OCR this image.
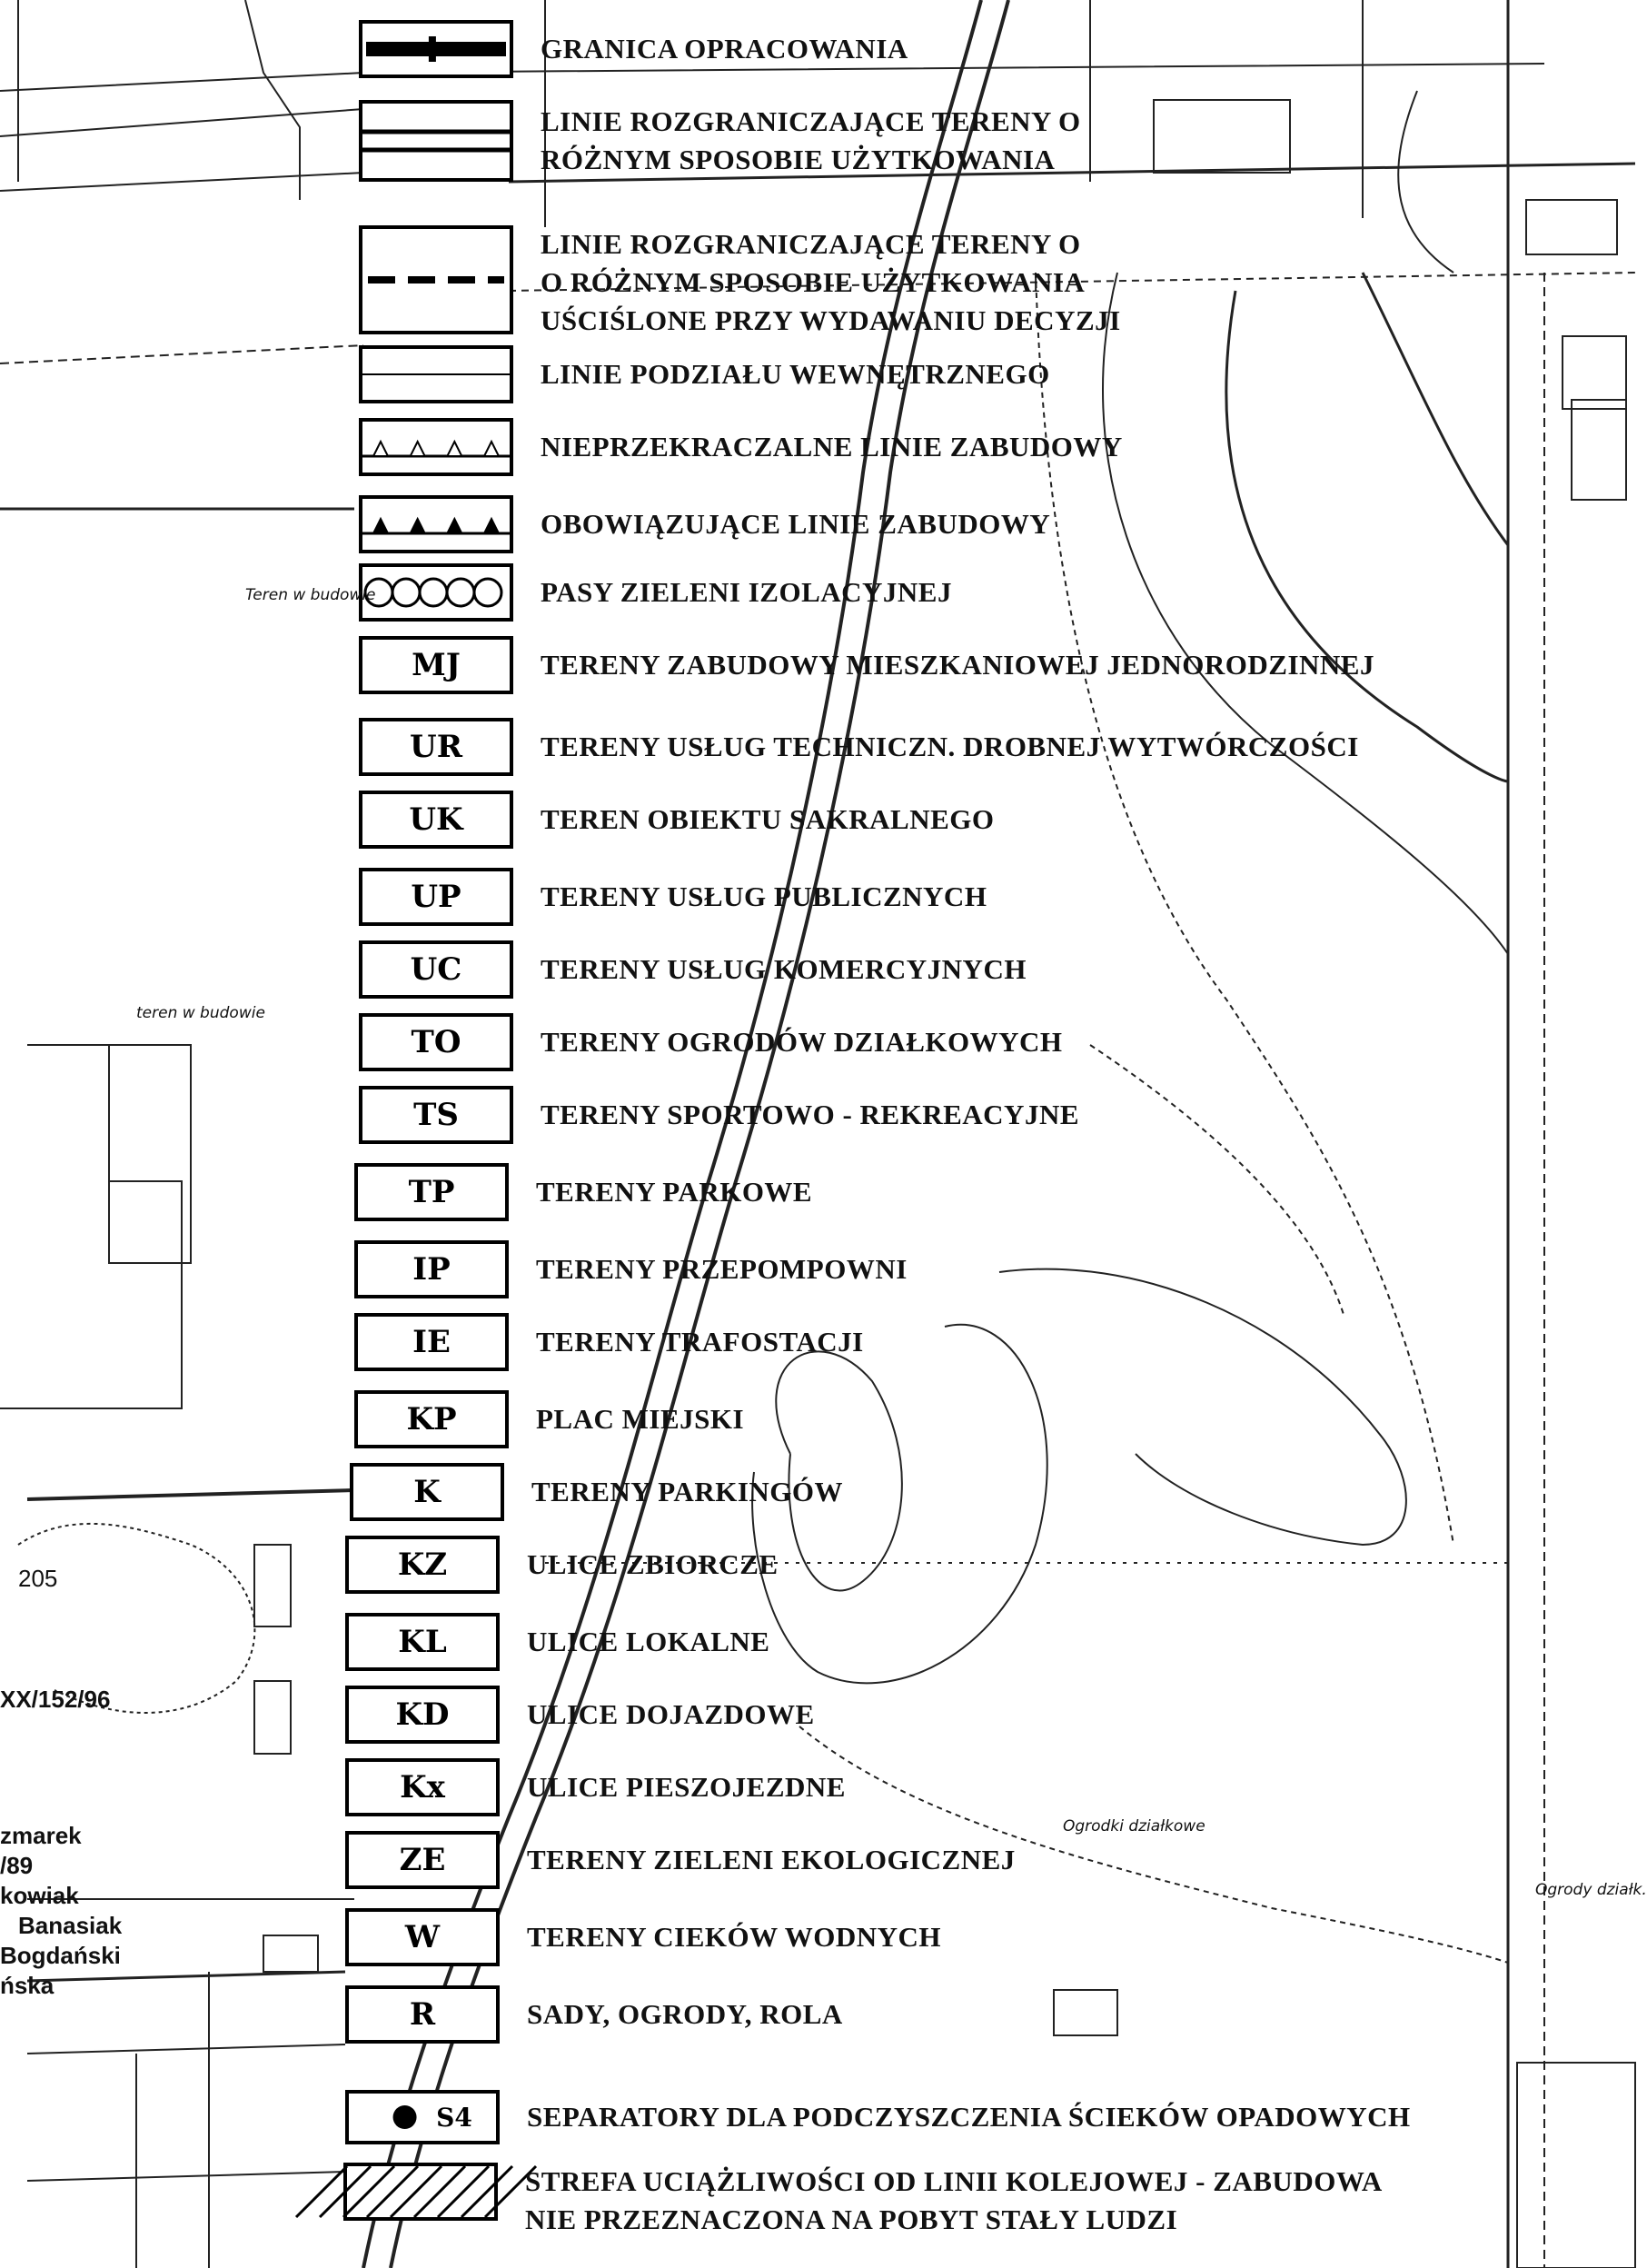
GRANICA OPRACOWANIA
LINIE ROZGRANICZAJĄCE TERENY O
RÓŻNYM SPOSOBIE UŻYTKOWANIA
LINIE ROZGRANICZAJĄCE TERENY O
O RÓŻNYM SPOSOBIE UŻYTKOWANIA
UŚCIŚLONE PRZY WYDAWANIU DECYZJI
LINIE PODZIAŁU WEWNĘTRZNEGO
NIEPRZEKRACZALNE LINIE ZABUDOWY
OBOWIĄZUJĄCE LINIE ZABUDOWY
PASY ZIELENI IZOLACYJNEJ
MJ	TERENY ZABUDOWY MIESZKANIOWEJ JEDNORODZINNEJ
UR	TERENY USŁUG TECHNICZN. DROBNEJ WYTWÓRCZOŚCI
UK	TEREN OBIEKTU SAKRALNEGO
UP	TERENY USŁUG PUBLICZNYCH
UC	TERENY USŁUG KOMERCYJNYCH
TO	TERENY OGRODÓW DZIAŁKOWYCH
TS	TERENY SPORTOWO - REKREACYJNE
TP	TERENY PARKOWE
IP	TERENY PRZEPOMPOWNI
IE	TERENY TRAFOSTACJI
KP	PLAC MIEJSKI
K	TERENY PARKINGÓW
KZ	ULICE ZBIORCZE
KL	ULICE LOKALNE
KD	ULICE DOJAZDOWE
Kx	ULICE PIESZOJEZDNE
ZE	TERENY ZIELENI EKOLOGICZNEJ
W	TERENY CIEKÓW WODNYCH
R	SADY, OGRODY, ROLA
S4 SEPARATORY DLA PODCZYSZCZENIA ŚCIEKÓW OPADOWYCH
STREFA UCIĄŻLIWOŚCI OD LINII KOLEJOWEJ - ZABUDOWA
NIE PRZEZNACZONA NA POBYT STAŁY LUDZI
Teren w budowie
teren w budowie
205
XX/152/96
zmarek
/89
kowiak
Banasiak
Bogdański
ńska
Ogrodki działkowe
Ogrody działk.
